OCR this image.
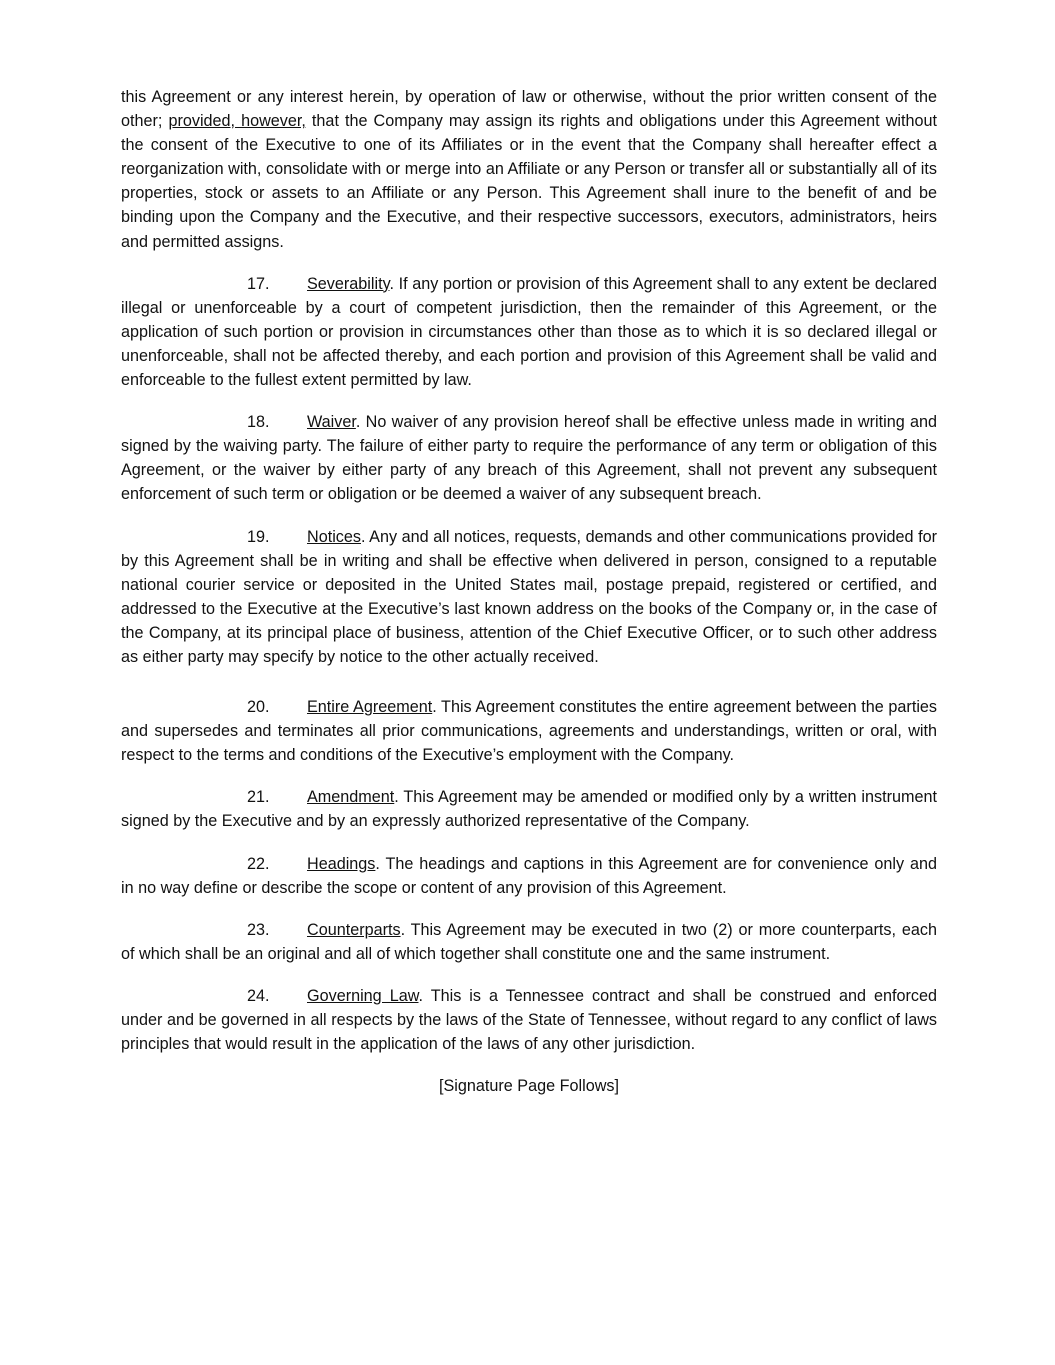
this Agreement or any interest herein, by operation of law or otherwise, without the prior written consent of the other; provided, however, that the Company may assign its rights and obligations under this Agreement without the consent of the Executive to one of its Affiliates or in the event that the Company shall hereafter effect a reorganization with, consolidate with or merge into an Affiliate or any Person or transfer all or substantially all of its properties, stock or assets to an Affiliate or any Person. This Agreement shall inure to the benefit of and be binding upon the Company and the Executive, and their respective successors, executors, administrators, heirs and permitted assigns.

17. Severability. If any portion or provision of this Agreement shall to any extent be declared illegal or unenforceable by a court of competent jurisdiction, then the remainder of this Agreement, or the application of such portion or provision in circumstances other than those as to which it is so declared illegal or unenforceable, shall not be affected thereby, and each portion and provision of this Agreement shall be valid and enforceable to the fullest extent permitted by law.

18. Waiver. No waiver of any provision hereof shall be effective unless made in writing and signed by the waiving party. The failure of either party to require the performance of any term or obligation of this Agreement, or the waiver by either party of any breach of this Agreement, shall not prevent any subsequent enforcement of such term or obligation or be deemed a waiver of any subsequent breach.

19. Notices. Any and all notices, requests, demands and other communications provided for by this Agreement shall be in writing and shall be effective when delivered in person, consigned to a reputable national courier service or deposited in the United States mail, postage prepaid, registered or certified, and addressed to the Executive at the Executive’s last known address on the books of the Company or, in the case of the Company, at its principal place of business, attention of the Chief Executive Officer, or to such other address as either party may specify by notice to the other actually received.

20. Entire Agreement. This Agreement constitutes the entire agreement between the parties and supersedes and terminates all prior communications, agreements and understandings, written or oral, with respect to the terms and conditions of the Executive’s employment with the Company.

21. Amendment. This Agreement may be amended or modified only by a written instrument signed by the Executive and by an expressly authorized representative of the Company.

22. Headings. The headings and captions in this Agreement are for convenience only and in no way define or describe the scope or content of any provision of this Agreement.

23. Counterparts. This Agreement may be executed in two (2) or more counterparts, each of which shall be an original and all of which together shall constitute one and the same instrument.

24. Governing Law. This is a Tennessee contract and shall be construed and enforced under and be governed in all respects by the laws of the State of Tennessee, without regard to any conflict of laws principles that would result in the application of the laws of any other jurisdiction.

[Signature Page Follows]
